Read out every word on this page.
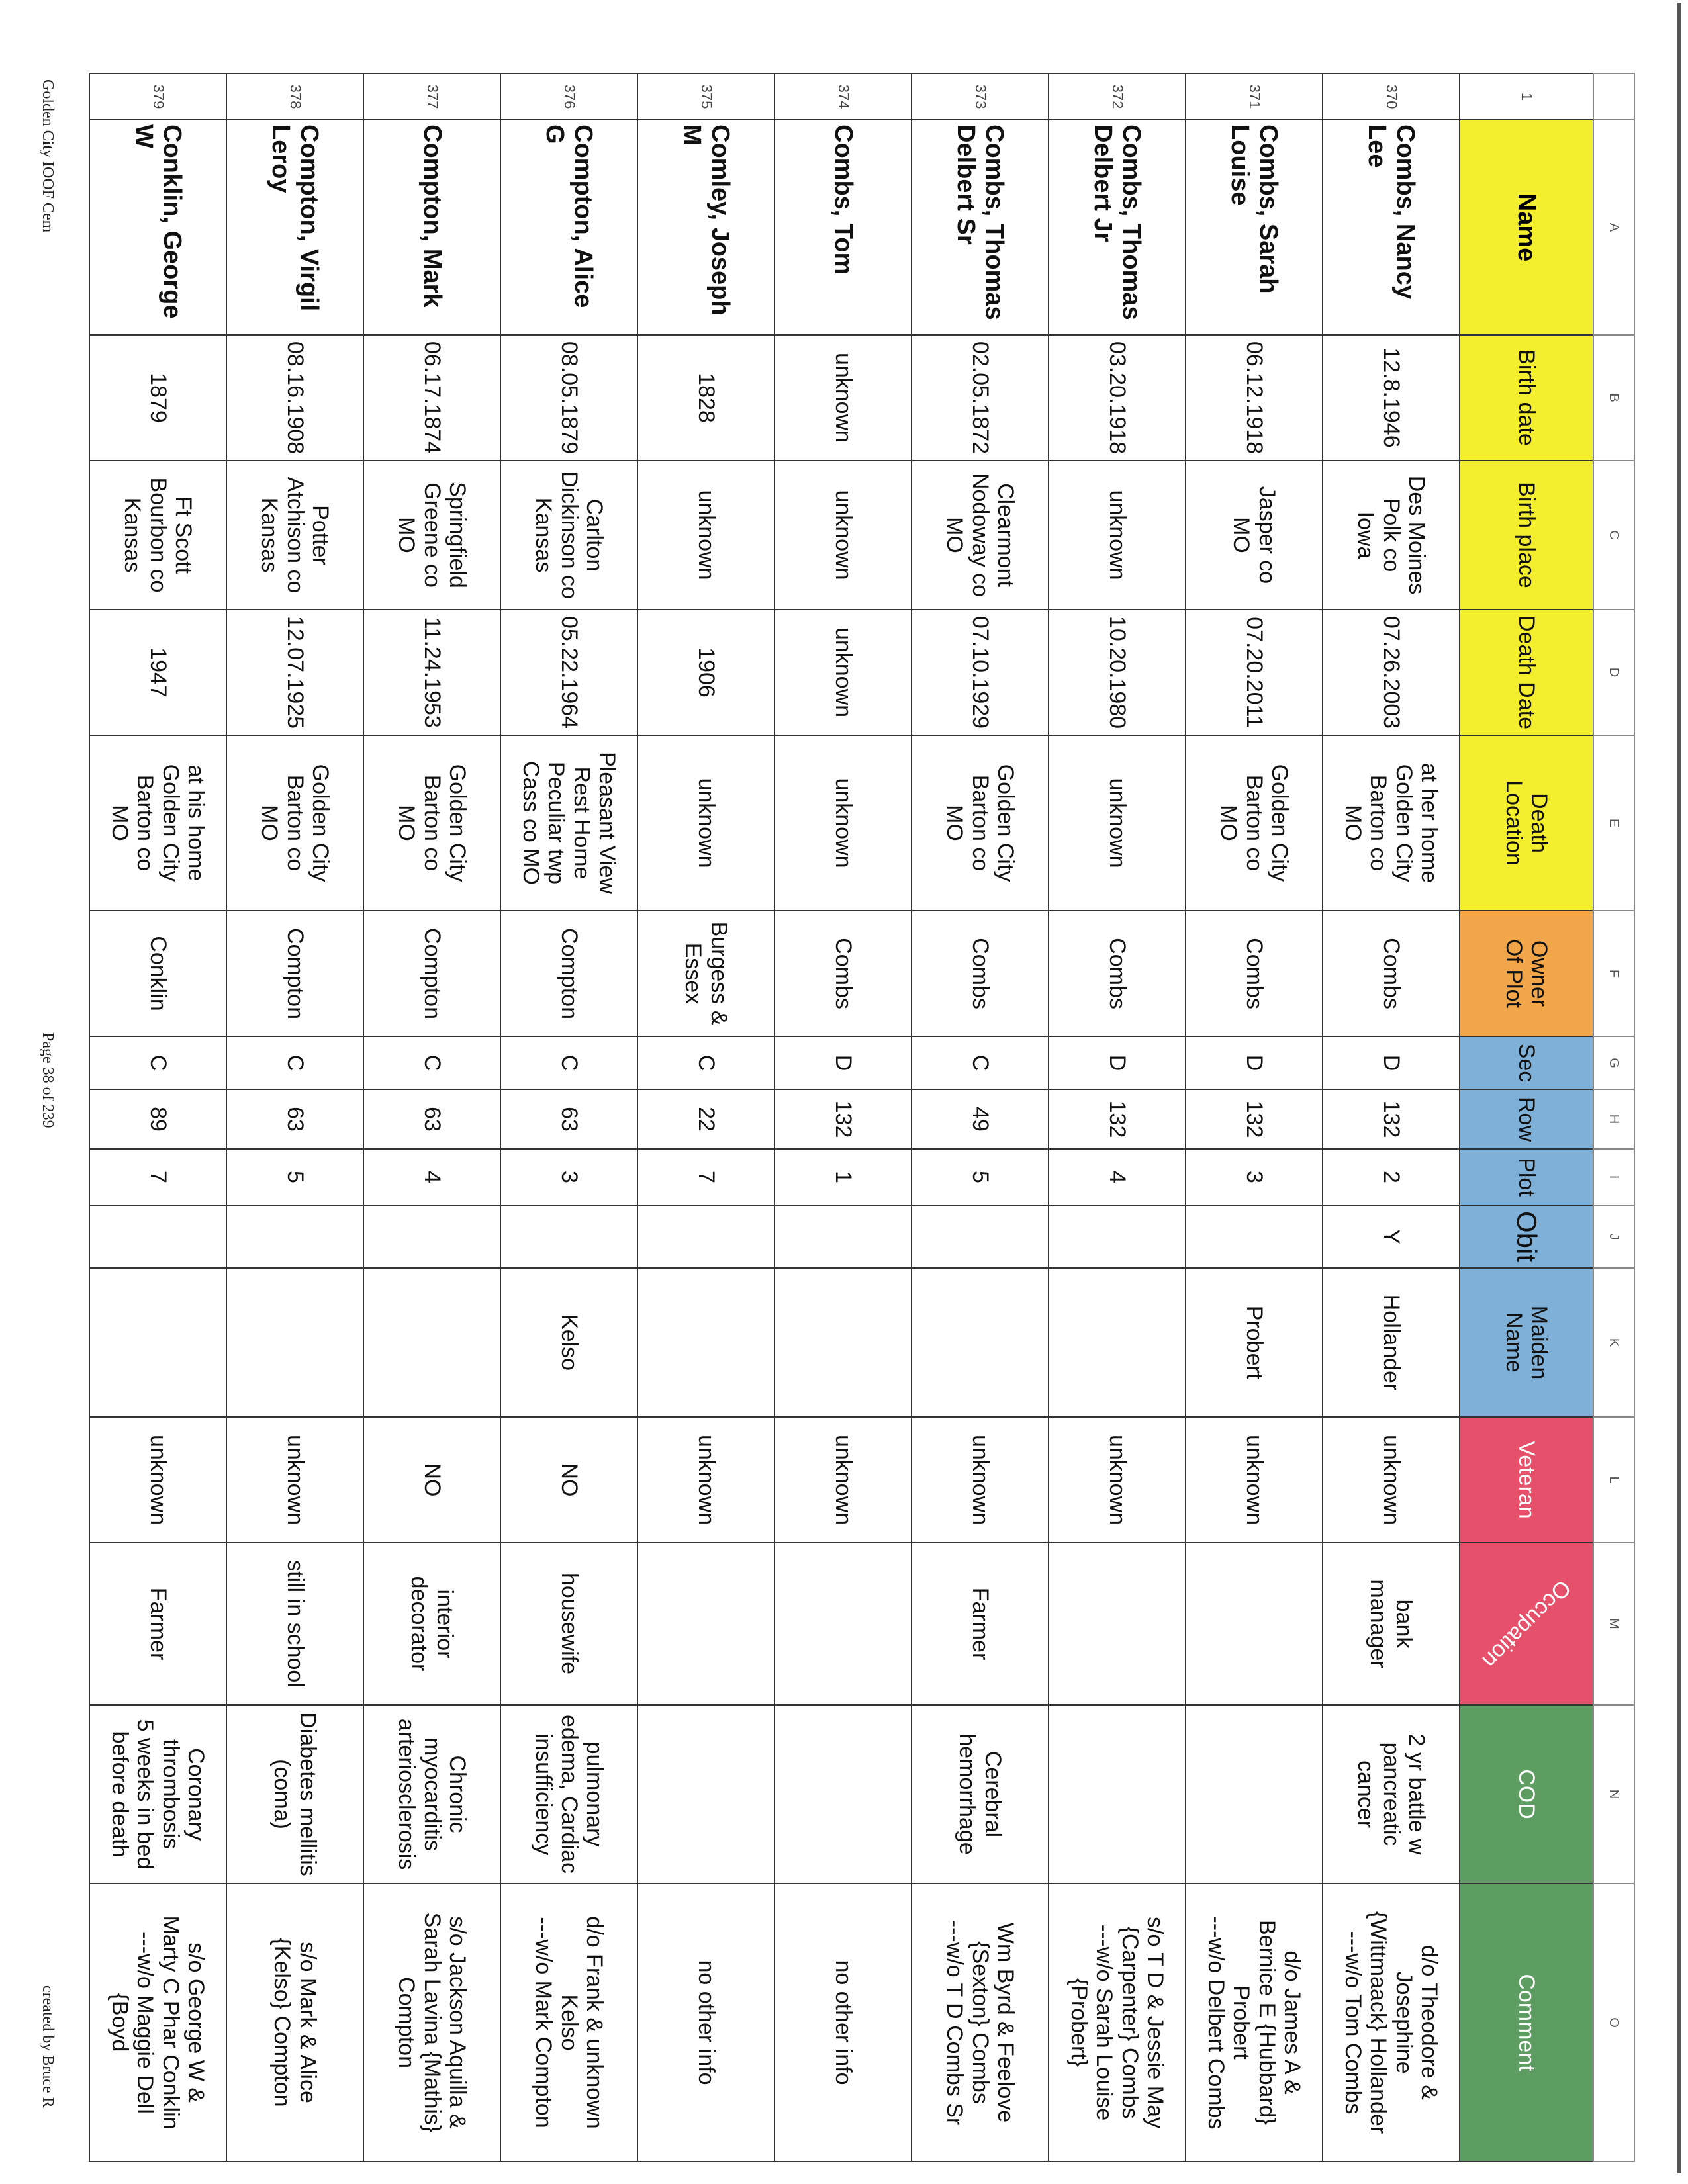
	A	B	C	D	E	F	G	H	I	J	K	L	M	N	O
1	Name	Birth date	Birth place	Death Date	Death
Location	Owner
Of Plot	Sec	Row	Plot	Obit	Maiden
Name	Veteran	Occupation	COD	Comment
370	Combs, Nancy Lee	12.8.1946	Des Moines
Polk co
Iowa	07.26.2003	at her home
Golden City
Barton co
MO	Combs	D	132	2	Y	Hollander	unknown	bank
manager	2 yr battle w
pancreatic
cancer	d/o Theodore &
Josephine
{Wittmaack} Hollander
---w/o Tom Combs
371	Combs, Sarah
Louise	06.12.1918	Jasper co
MO	07.20.2011	Golden City
Barton co
MO	Combs	D	132	3		Probert	unknown			d/o James A &
Bernice E {Hubbard}
Probert
---w/o Delbert Combs
372	Combs, Thomas
Delbert Jr	03.20.1918	unknown	10.20.1980	unknown	Combs	D	132	4			unknown			s/o T D & Jessie May
{Carpenter} Combs
---w/o Sarah Louise
{Probert}
373	Combs, Thomas
Delbert Sr	02.05.1872	Clearmont
Nodoway co
MO	07.10.1929	Golden City
Barton co
MO	Combs	C	49	5			unknown	Farmer	Cerebral
hemorrhage	Wm Byrd & Feelove
{Sexton} Combs
---w/o T D Combs Sr
374	Combs, Tom	unknown	unknown	unknown	unknown	Combs	D	132	1			unknown			no other info
375	Comley, Joseph M	1828	unknown	1906	unknown	Burgess &
Essex	C	22	7			unknown			no other info
376	Compton, Alice G	08.05.1879	Carlton
Dickinson co
Kansas	05.22.1964	Pleasant View
Rest Home
Peculiar twp
Cass co MO	Compton	C	63	3		Kelso	NO	housewife	pulmonary
edema, Cardiac
insufficiency	d/o Frank & unknown
Kelso
---w/o Mark Compton
377	Compton, Mark	06.17.1874	Springfield
Greene co
MO	11.24.1953	Golden City
Barton co
MO	Compton	C	63	4			NO	interior
decorator	Chronic
myocarditis
arteriosclerosis	s/o Jackson Aquilla &
Sarah Lavina {Mathis}
Compton
378	Compton, Virgil
Leroy	08.16.1908	Potter
Atchison co
Kansas	12.07.1925	Golden City
Barton co
MO	Compton	C	63	5			unknown	still in school	Diabetes mellitis
(coma)	s/o Mark & Alice
{Kelso} Compton
379	Conklin, George W	1879	Ft Scott
Bourbon co
Kansas	1947	at his home
Golden City
Barton co
MO	Conklin	C	89	7			unknown	Farmer	Coronary
thrombosis
5 weeks in bed
before death	s/o George W &
Marty C Phar Conklin
---w/o Maggie Dell
{Boyd
Golden City IOOF Cem
Page 38 of 239
created by Bruce R
